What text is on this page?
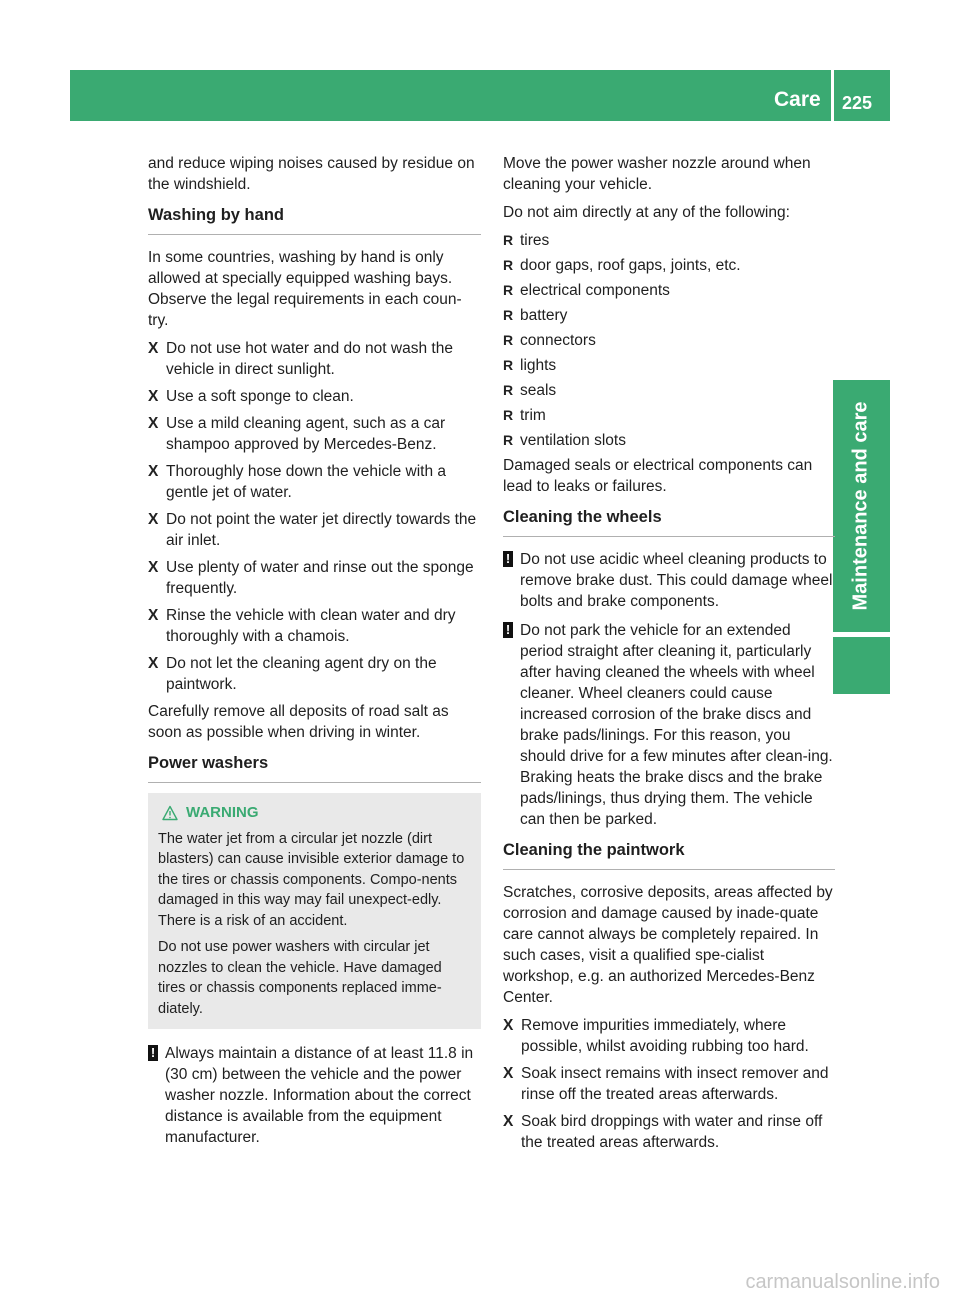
Care 225
Maintenance and care

and reduce wiping noises caused by residue on the windshield.

Washing by hand

In some countries, washing by hand is only allowed at specially equipped washing bays. Observe the legal requirements in each coun-try.

X Do not use hot water and do not wash the vehicle in direct sunlight.
X Use a soft sponge to clean.
X Use a mild cleaning agent, such as a car shampoo approved by Mercedes-Benz.
X Thoroughly hose down the vehicle with a gentle jet of water.
X Do not point the water jet directly towards the air inlet.
X Use plenty of water and rinse out the sponge frequently.
X Rinse the vehicle with clean water and dry thoroughly with a chamois.
X Do not let the cleaning agent dry on the paintwork.

Carefully remove all deposits of road salt as soon as possible when driving in winter.

Power washers
WARNING

The water jet from a circular jet nozzle (dirt blasters) can cause invisible exterior damage to the tires or chassis components. Compo-nents damaged in this way may fail unexpect-edly. There is a risk of an accident.

Do not use power washers with circular jet nozzles to clean the vehicle. Have damaged tires or chassis components replaced imme-diately.

! Always maintain a distance of at least 11.8 in (30 cm) between the vehicle and the power washer nozzle. Information about the correct distance is available from the equipment manufacturer.

Move the power washer nozzle around when cleaning your vehicle.

Do not aim directly at any of the following:

R tires
R door gaps, roof gaps, joints, etc.
R electrical components
R battery
R connectors
R lights
R seals
R trim
R ventilation slots

Damaged seals or electrical components can lead to leaks or failures.

Cleaning the wheels
! Do not use acidic wheel cleaning products to remove brake dust. This could damage wheel bolts and brake components.
! Do not park the vehicle for an extended period straight after cleaning it, particularly after having cleaned the wheels with wheel cleaner. Wheel cleaners could cause increased corrosion of the brake discs and brake pads/linings. For this reason, you should drive for a few minutes after clean-ing. Braking heats the brake discs and the brake pads/linings, thus drying them. The vehicle can then be parked.
Cleaning the paintwork

Scratches, corrosive deposits, areas affected by corrosion and damage caused by inade-quate care cannot always be completely repaired. In such cases, visit a qualified spe-cialist workshop, e.g. an authorized Mercedes-Benz Center.

X Remove impurities immediately, where possible, whilst avoiding rubbing too hard.
X Soak insect remains with insect remover and rinse off the treated areas afterwards.
X Soak bird droppings with water and rinse off the treated areas afterwards.
carmanualsonline.info
